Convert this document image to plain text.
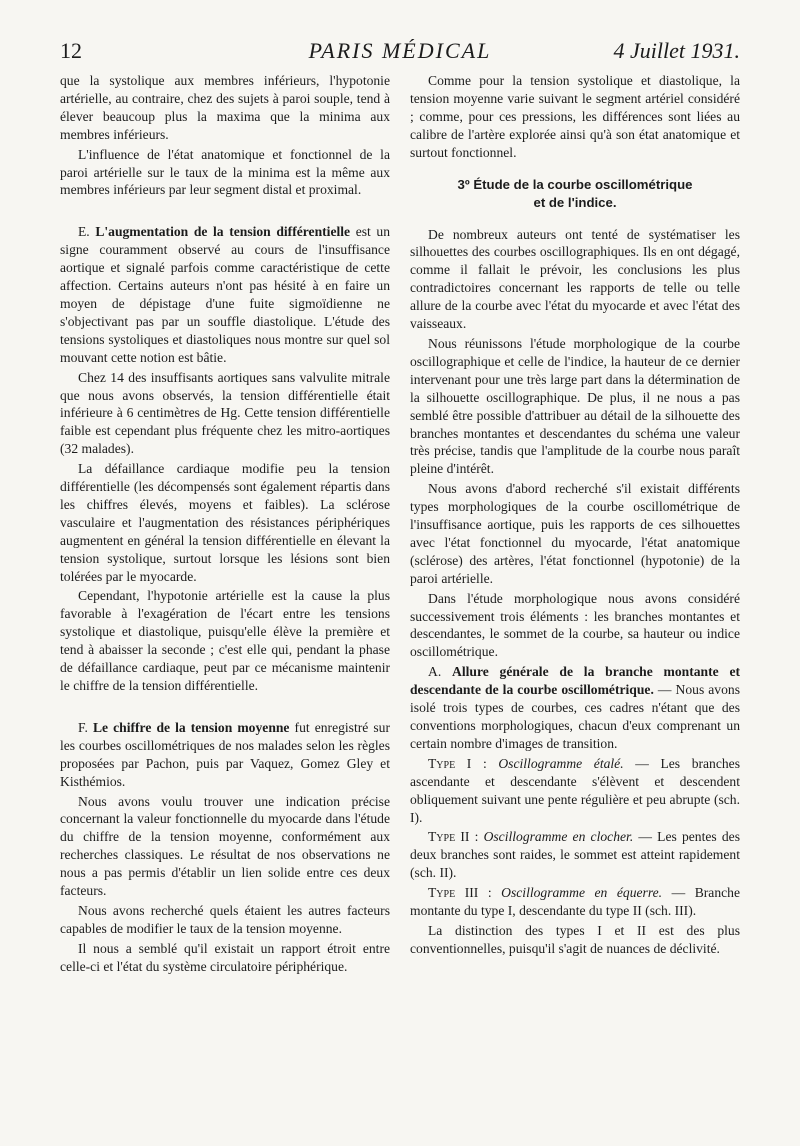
12	PARIS MÉDICAL	4 Juillet 1931.

que la systolique aux membres inférieurs, l'hypotonie artérielle, au contraire, chez des sujets à paroi souple, tend à élever beaucoup plus la maxima que la minima aux membres inférieurs.

L'influence de l'état anatomique et fonctionnel de la paroi artérielle sur le taux de la minima est la même aux membres inférieurs par leur segment distal et proximal.

E. L'augmentation de la tension différentielle est un signe couramment observé au cours de l'insuffisance aortique et signalé parfois comme caractéristique de cette affection. Certains auteurs n'ont pas hésité à en faire un moyen de dépistage d'une fuite sigmoïdienne ne s'objectivant pas par un souffle diastolique. L'étude des tensions systoliques et diastoliques nous montre sur quel sol mouvant cette notion est bâtie.

Chez 14 des insuffisants aortiques sans valvulite mitrale que nous avons observés, la tension différentielle était inférieure à 6 centimètres de Hg. Cette tension différentielle faible est cependant plus fréquente chez les mitro-aortiques (32 malades).

La défaillance cardiaque modifie peu la tension différentielle (les décompensés sont également répartis dans les chiffres élevés, moyens et faibles). La sclérose vasculaire et l'augmentation des résistances périphériques augmentent en général la tension différentielle en élevant la tension systolique, surtout lorsque les lésions sont bien tolérées par le myocarde.

Cependant, l'hypotonie artérielle est la cause la plus favorable à l'exagération de l'écart entre les tensions systolique et diastolique, puisqu'elle élève la première et tend à abaisser la seconde ; c'est elle qui, pendant la phase de défaillance cardiaque, peut par ce mécanisme maintenir le chiffre de la tension différentielle.

F. Le chiffre de la tension moyenne fut enregistré sur les courbes oscillométriques de nos malades selon les règles proposées par Pachon, puis par Vaquez, Gomez Gley et Kisthémios.

Nous avons voulu trouver une indication précise concernant la valeur fonctionnelle du myocarde dans l'étude du chiffre de la tension moyenne, conformément aux recherches classiques. Le résultat de nos observations ne nous a pas permis d'établir un lien solide entre ces deux facteurs.

Nous avons recherché quels étaient les autres facteurs capables de modifier le taux de la tension moyenne.

Il nous a semblé qu'il existait un rapport étroit entre celle-ci et l'état du système circulatoire périphérique.

Comme pour la tension systolique et diastolique, la tension moyenne varie suivant le segment artériel considéré ; comme, pour ces pressions, les différences sont liées au calibre de l'artère explorée ainsi qu'à son état anatomique et surtout fonctionnel.

3º Étude de la courbe oscillométrique
et de l'indice.

De nombreux auteurs ont tenté de systématiser les silhouettes des courbes oscillographiques. Ils en ont dégagé, comme il fallait le prévoir, les conclusions les plus contradictoires concernant les rapports de telle ou telle allure de la courbe avec l'état du myocarde et avec l'état des vaisseaux.

Nous réunissons l'étude morphologique de la courbe oscillographique et celle de l'indice, la hauteur de ce dernier intervenant pour une très large part dans la détermination de la silhouette oscillographique. De plus, il ne nous a pas semblé être possible d'attribuer au détail de la silhouette des branches montantes et descendantes du schéma une valeur très précise, tandis que l'amplitude de la courbe nous paraît pleine d'intérêt.

Nous avons d'abord recherché s'il existait différents types morphologiques de la courbe oscillométrique de l'insuffisance aortique, puis les rapports de ces silhouettes avec l'état fonctionnel du myocarde, l'état anatomique (sclérose) des artères, l'état fonctionnel (hypotonie) de la paroi artérielle.

Dans l'étude morphologique nous avons considéré successivement trois éléments : les branches montantes et descendantes, le sommet de la courbe, sa hauteur ou indice oscillométrique.

A. Allure générale de la branche montante et descendante de la courbe oscillométrique. — Nous avons isolé trois types de courbes, ces cadres n'étant que des conventions morphologiques, chacun d'eux comprenant un certain nombre d'images de transition.

Type I : Oscillogramme étalé. — Les branches ascendante et descendante s'élèvent et descendent obliquement suivant une pente régulière et peu abrupte (sch. I).

Type II : Oscillogramme en clocher. — Les pentes des deux branches sont raides, le sommet est atteint rapidement (sch. II).

Type III : Oscillogramme en équerre. — Branche montante du type I, descendante du type II (sch. III).

La distinction des types I et II est des plus conventionnelles, puisqu'il s'agit de nuances de déclivité.
